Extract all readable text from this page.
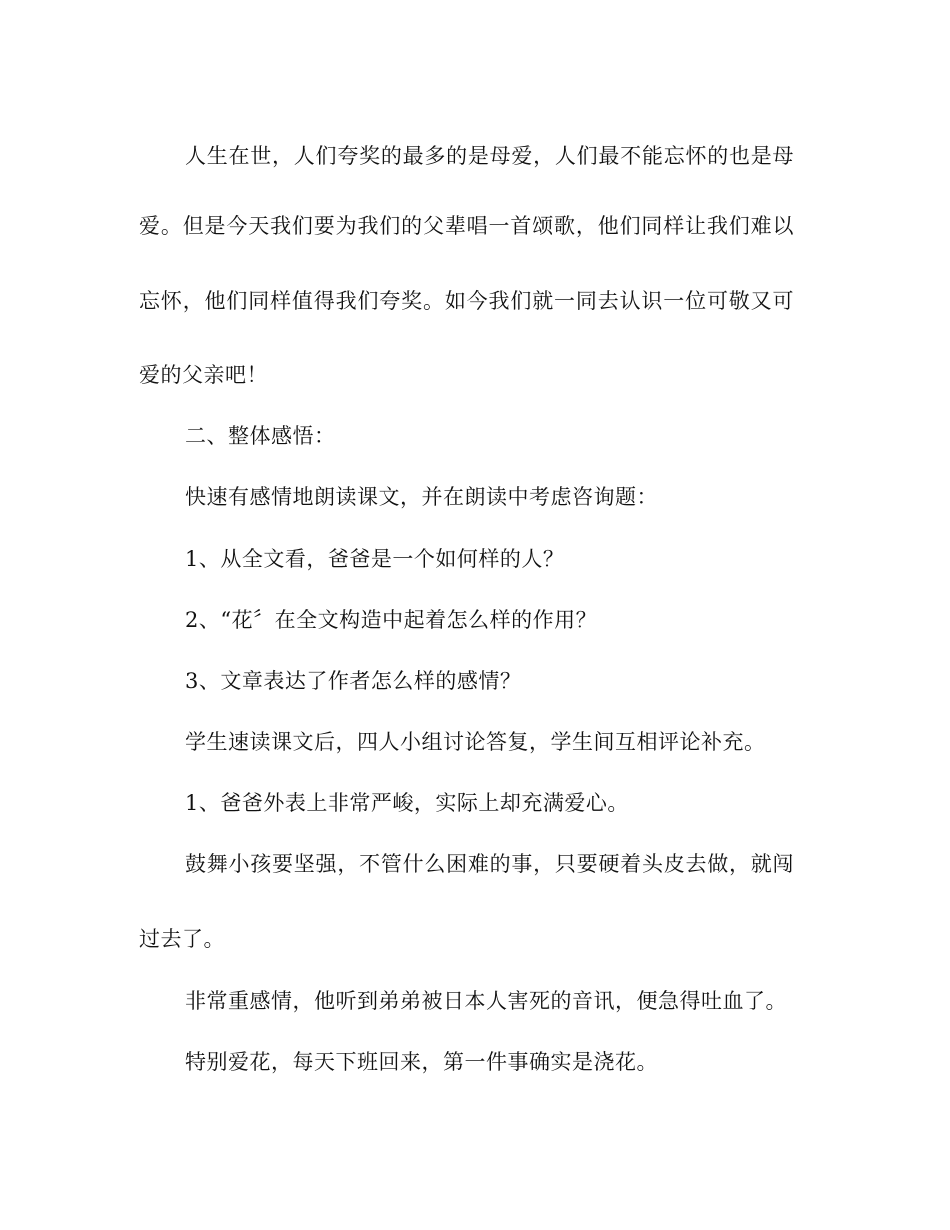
人生在世，人们夸奖的最多的是母爱，人们最不能忘怀的也是母
爱。但是今天我们要为我们的父辈唱一首颂歌，他们同样让我们难以
忘怀，他们同样值得我们夸奖。如今我们就一同去认识一位可敬又可
爱的父亲吧！
二、整体感悟：
快速有感情地朗读课文，并在朗读中考虑咨询题：
1、从全文看，爸爸是一个如何样的人？
2、“花〞在全文构造中起着怎么样的作用？
3、文章表达了作者怎么样的感情？
学生速读课文后，四人小组讨论答复，学生间互相评论补充。
1、爸爸外表上非常严峻，实际上却充满爱心。
鼓舞小孩要坚强，不管什么困难的事，只要硬着头皮去做，就闯
过去了。
非常重感情，他听到弟弟被日本人害死的音讯，便急得吐血了。
特别爱花，每天下班回来，第一件事确实是浇花。
